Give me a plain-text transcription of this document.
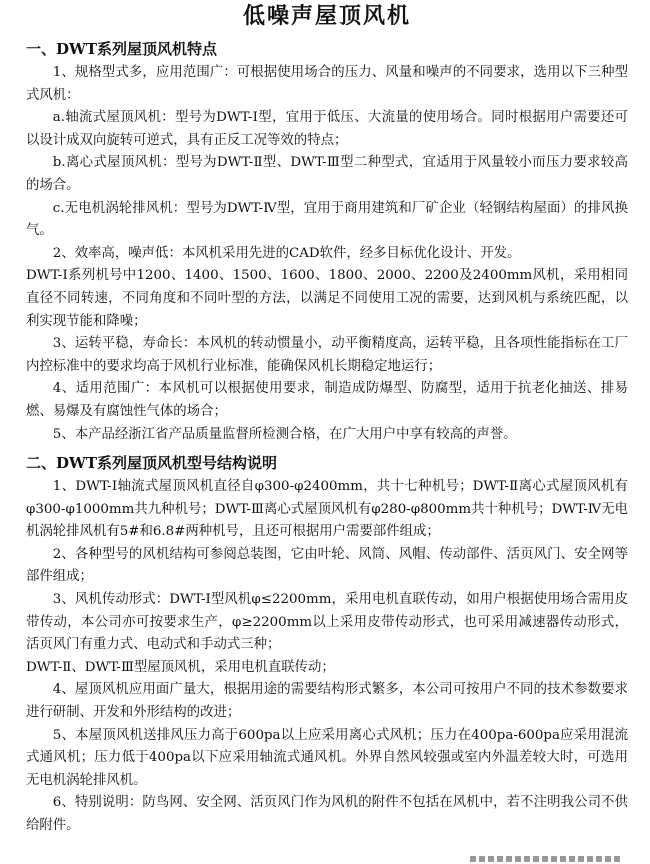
低噪声屋顶风机
一、DWT系列屋顶风机特点

1、规格型式多，应用范围广：可根据使用场合的压力、风量和噪声的不同要求，选用以下三种型式风机：

a.轴流式屋顶风机：型号为DWT-Ⅰ型，宜用于低压、大流量的使用场合。同时根据用户需要还可以设计成双向旋转可逆式，具有正反工况等效的特点；

b.离心式屋顶风机：型号为DWT-Ⅱ型、DWT-Ⅲ型二种型式，宜适用于风量较小而压力要求较高的场合。

c.无电机涡轮排风机：型号为DWT-Ⅳ型，宜用于商用建筑和厂矿企业（轻钢结构屋面）的排风换气。

2、效率高，噪声低：本风机采用先进的CAD软件，经多目标优化设计、开发。

DWT-Ⅰ系列机号中1200、1400、1500、1600、1800、2000、2200及2400mm风机，采用相同直径不同转速，不同角度和不同叶型的方法，以满足不同使用工况的需要，达到风机与系统匹配，以利实现节能和降噪；

3、运转平稳，寿命长：本风机的转动惯量小，动平衡精度高，运转平稳，且各项性能指标在工厂内控标准中的要求均高于风机行业标准，能确保风机长期稳定地运行；

4、适用范围广：本风机可以根据使用要求，制造成防爆型、防腐型，适用于抗老化抽送、排易燃、易爆及有腐蚀性气体的场合；

5、本产品经浙江省产品质量监督所检测合格，在广大用户中享有较高的声誉。

二、DWT系列屋顶风机型号结构说明

1、DWT-Ⅰ轴流式屋顶风机直径自φ300-φ2400mm，共十七种机号；DWT-Ⅱ离心式屋顶风机有φ300-φ1000mm共九种机号；DWT-Ⅲ离心式屋顶风机有φ280-φ800mm共十种机号；DWT-Ⅳ无电机涡轮排风机有5#和6.8#两种机号，且还可根据用户需要部件组成；

2、各种型号的风机结构可参阅总装图，它由叶轮、风筒、风帽、传动部件、活页风门、安全网等部件组成；

3、风机传动形式：DWT-Ⅰ型风机φ≤2200mm，采用电机直联传动，如用户根据使用场合需用皮带传动，本公司亦可按要求生产，φ≥2200mm以上采用皮带传动形式，也可采用减速器传动形式，活页风门有重力式、电动式和手动式三种；

DWT-Ⅱ、DWT-Ⅲ型屋顶风机，采用电机直联传动；

4、屋顶风机应用面广量大，根据用途的需要结构形式繁多，本公司可按用户不同的技术参数要求进行研制、开发和外形结构的改进；

5、本屋顶风机送排风压力高于600pa以上应采用离心式风机；压力在400pa-600pa应采用混流式通风机；压力低于400pa以下应采用轴流式通风机。外界自然风较强或室内外温差较大时，可选用无电机涡轮排风机。

6、特别说明：防鸟网、安全网、活页风门作为风机的附件不包括在风机中，若不注明我公司不供给附件。
